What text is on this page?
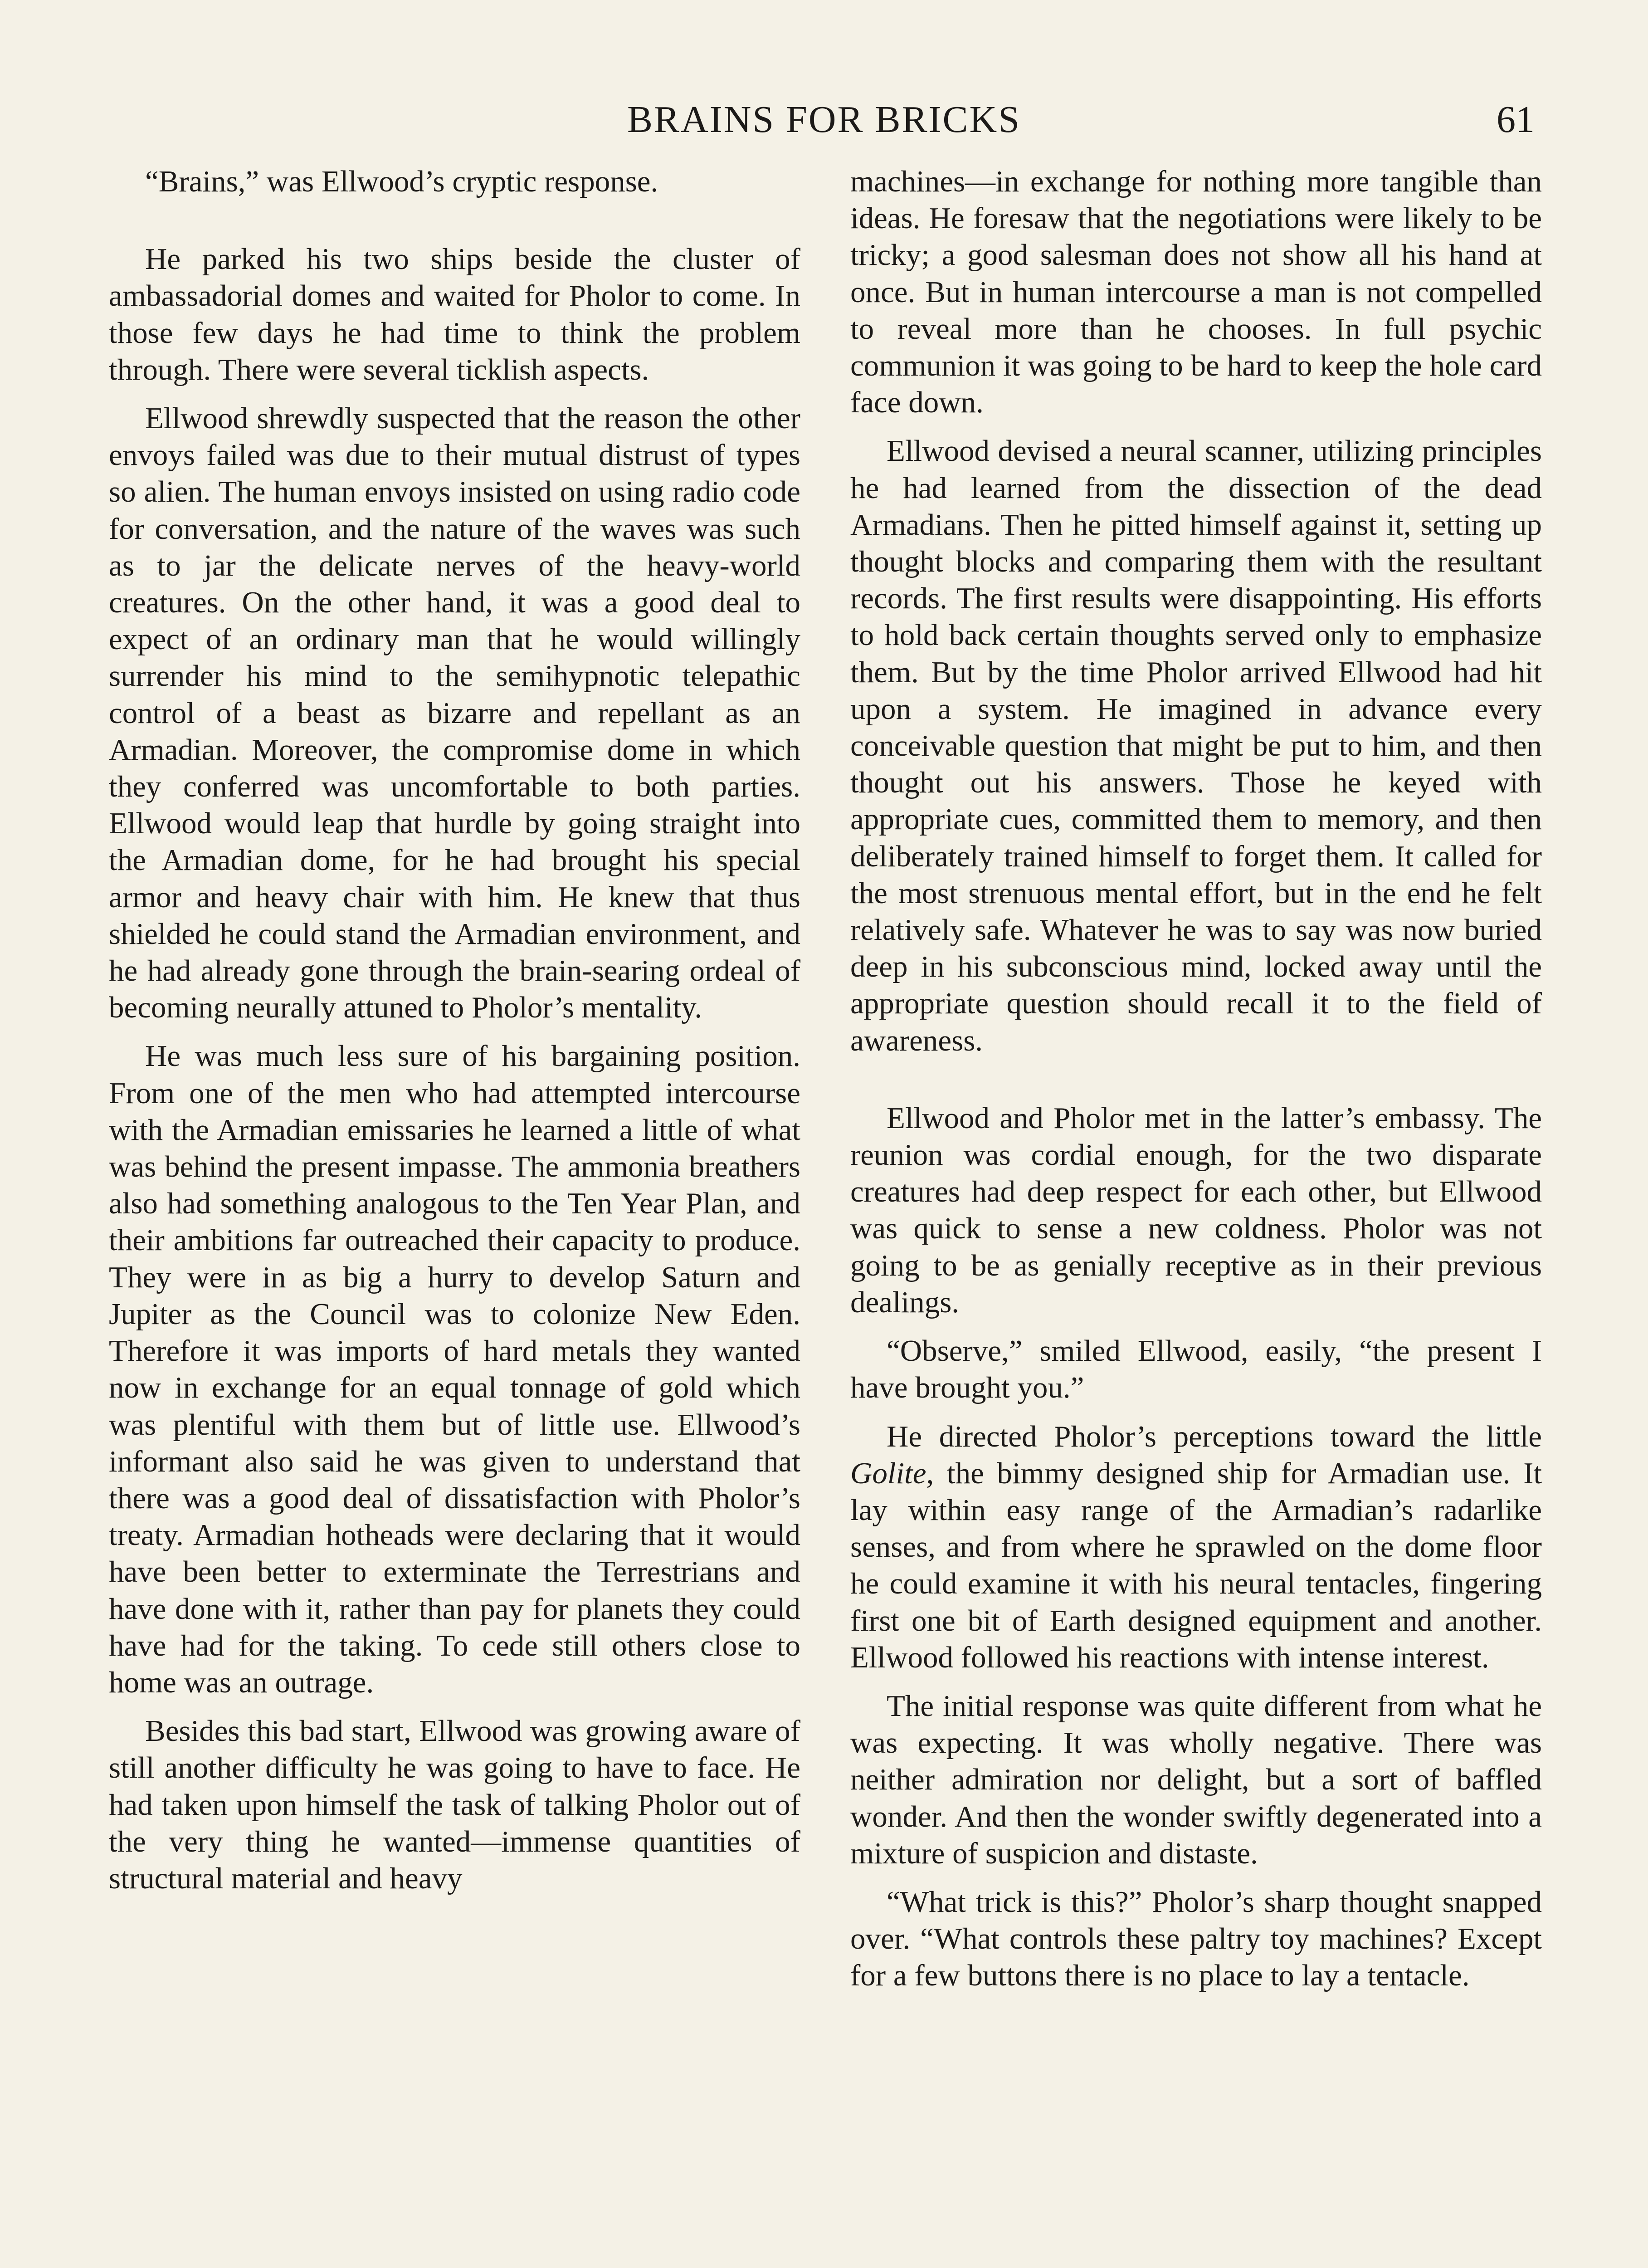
BRAINS FOR BRICKS	61

“Brains,” was Ellwood’s cryptic response.

He parked his two ships beside the cluster of ambassadorial domes and waited for Pholor to come. In those few days he had time to think the problem through. There were several ticklish aspects.

Ellwood shrewdly suspected that the reason the other envoys failed was due to their mutual distrust of types so alien. The human envoys insisted on using radio code for conversation, and the nature of the waves was such as to jar the delicate nerves of the heavy-world creatures. On the other hand, it was a good deal to expect of an ordinary man that he would willingly surrender his mind to the semihypnotic telepathic control of a beast as bizarre and repellant as an Armadian. Moreover, the compromise dome in which they conferred was uncomfortable to both parties. Ellwood would leap that hurdle by going straight into the Armadian dome, for he had brought his special armor and heavy chair with him. He knew that thus shielded he could stand the Armadian environment, and he had already gone through the brain-searing ordeal of becoming neurally attuned to Pholor’s mentality.

He was much less sure of his bargaining position. From one of the men who had attempted intercourse with the Armadian emissaries he learned a little of what was behind the present impasse. The ammonia breathers also had something analogous to the Ten Year Plan, and their ambitions far outreached their capacity to produce. They were in as big a hurry to develop Saturn and Jupiter as the Council was to colonize New Eden. Therefore it was imports of hard metals they wanted now in exchange for an equal tonnage of gold which was plentiful with them but of little use. Ellwood’s informant also said he was given to understand that there was a good deal of dissatisfaction with Pholor’s treaty. Armadian hotheads were declaring that it would have been better to exterminate the Terrestrians and have done with it, rather than pay for planets they could have had for the taking. To cede still others close to home was an outrage.

Besides this bad start, Ellwood was growing aware of still another difficulty he was going to have to face. He had taken upon himself the task of talking Pholor out of the very thing he wanted—immense quantities of structural material and heavy

machines—in exchange for nothing more tangible than ideas. He foresaw that the negotiations were likely to be tricky; a good salesman does not show all his hand at once. But in human intercourse a man is not compelled to reveal more than he chooses. In full psychic communion it was going to be hard to keep the hole card face down.

Ellwood devised a neural scanner, utilizing principles he had learned from the dissection of the dead Armadians. Then he pitted himself against it, setting up thought blocks and comparing them with the resultant records. The first results were disappointing. His efforts to hold back certain thoughts served only to emphasize them. But by the time Pholor arrived Ellwood had hit upon a system. He imagined in advance every conceivable question that might be put to him, and then thought out his answers. Those he keyed with appropriate cues, committed them to memory, and then deliberately trained himself to forget them. It called for the most strenuous mental effort, but in the end he felt relatively safe. Whatever he was to say was now buried deep in his subconscious mind, locked away until the appropriate question should recall it to the field of awareness.

Ellwood and Pholor met in the latter’s embassy. The reunion was cordial enough, for the two disparate creatures had deep respect for each other, but Ellwood was quick to sense a new coldness. Pholor was not going to be as genially receptive as in their previous dealings.

“Observe,” smiled Ellwood, easily, “the present I have brought you.”

He directed Pholor’s perceptions toward the little Golite, the bimmy designed ship for Armadian use. It lay within easy range of the Armadian’s radarlike senses, and from where he sprawled on the dome floor he could examine it with his neural tentacles, fingering first one bit of Earth designed equipment and another. Ellwood followed his reactions with intense interest.

The initial response was quite different from what he was expecting. It was wholly negative. There was neither admiration nor delight, but a sort of baffled wonder. And then the wonder swiftly degenerated into a mixture of suspicion and distaste.

“What trick is this?” Pholor’s sharp thought snapped over. “What controls these paltry toy machines? Except for a few buttons there is no place to lay a tentacle.
